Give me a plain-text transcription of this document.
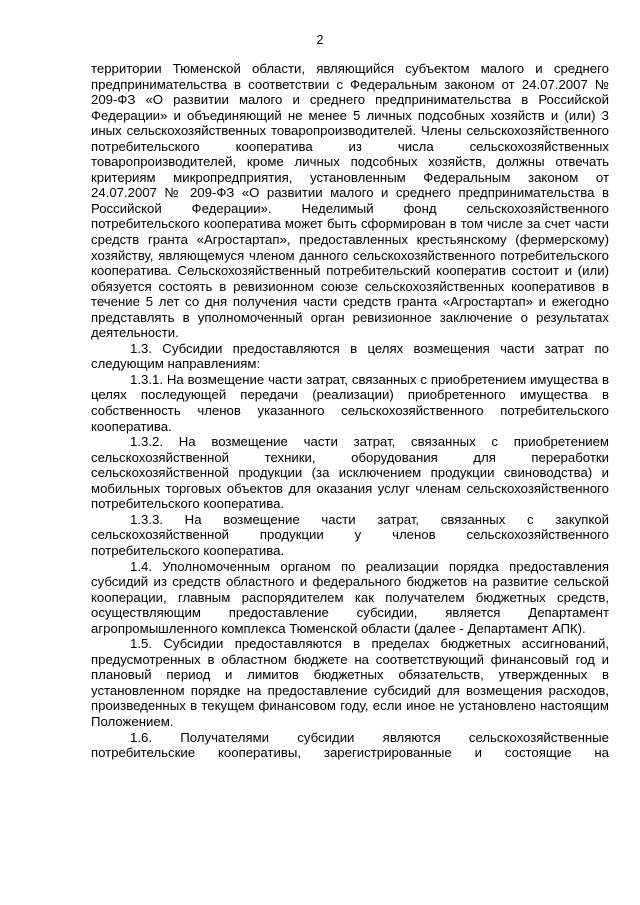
2

территории Тюменской области, являющийся субъектом малого и среднего предпринимательства в соответствии с Федеральным законом от 24.07.2007 № 209-ФЗ «О развитии малого и среднего предпринимательства в Российской Федерации» и объединяющий не менее 5 личных подсобных хозяйств и (или) 3 иных сельскохозяйственных товаропроизводителей. Члены сельскохозяйственного потребительского кооператива из числа сельскохозяйственных товаропроизводителей, кроме личных подсобных хозяйств, должны отвечать критериям микропредприятия, установленным Федеральным законом от 24.07.2007 № 209-ФЗ «О развитии малого и среднего предпринимательства в Российской Федерации». Неделимый фонд сельскохозяйственного потребительского кооператива может быть сформирован в том числе за счет части средств гранта «Агростартап», предоставленных крестьянскому (фермерскому) хозяйству, являющемуся членом данного сельскохозяйственного потребительского кооператива. Сельскохозяйственный потребительский кооператив состоит и (или) обязуется состоять в ревизионном союзе сельскохозяйственных кооперативов в течение 5 лет со дня получения части средств гранта «Агростартап» и ежегодно представлять в уполномоченный орган ревизионное заключение о результатах деятельности.

1.3. Субсидии предоставляются в целях возмещения части затрат по следующим направлениям:

1.3.1. На возмещение части затрат, связанных с приобретением имущества в целях последующей передачи (реализации) приобретенного имущества в собственность членов указанного сельскохозяйственного потребительского кооператива.

1.3.2. На возмещение части затрат, связанных с приобретением сельскохозяйственной техники, оборудования для переработки сельскохозяйственной продукции (за исключением продукции свиноводства) и мобильных торговых объектов для оказания услуг членам сельскохозяйственного потребительского кооператива.

1.3.3. На возмещение части затрат, связанных с закупкой сельскохозяйственной продукции у членов сельскохозяйственного потребительского кооператива.

1.4. Уполномоченным органом по реализации порядка предоставления субсидий из средств областного и федерального бюджетов на развитие сельской кооперации, главным распорядителем как получателем бюджетных средств, осуществляющим предоставление субсидии, является Департамент агропромышленного комплекса Тюменской области (далее - Департамент АПК).

1.5. Субсидии предоставляются в пределах бюджетных ассигнований, предусмотренных в областном бюджете на соответствующий финансовый год и плановый период и лимитов бюджетных обязательств, утвержденных в установленном порядке на предоставление субсидий для возмещения расходов, произведенных в текущем финансовом году, если иное не установлено настоящим Положением.

1.6. Получателями субсидии являются сельскохозяйственные потребительские кооперативы, зарегистрированные и состоящие на
